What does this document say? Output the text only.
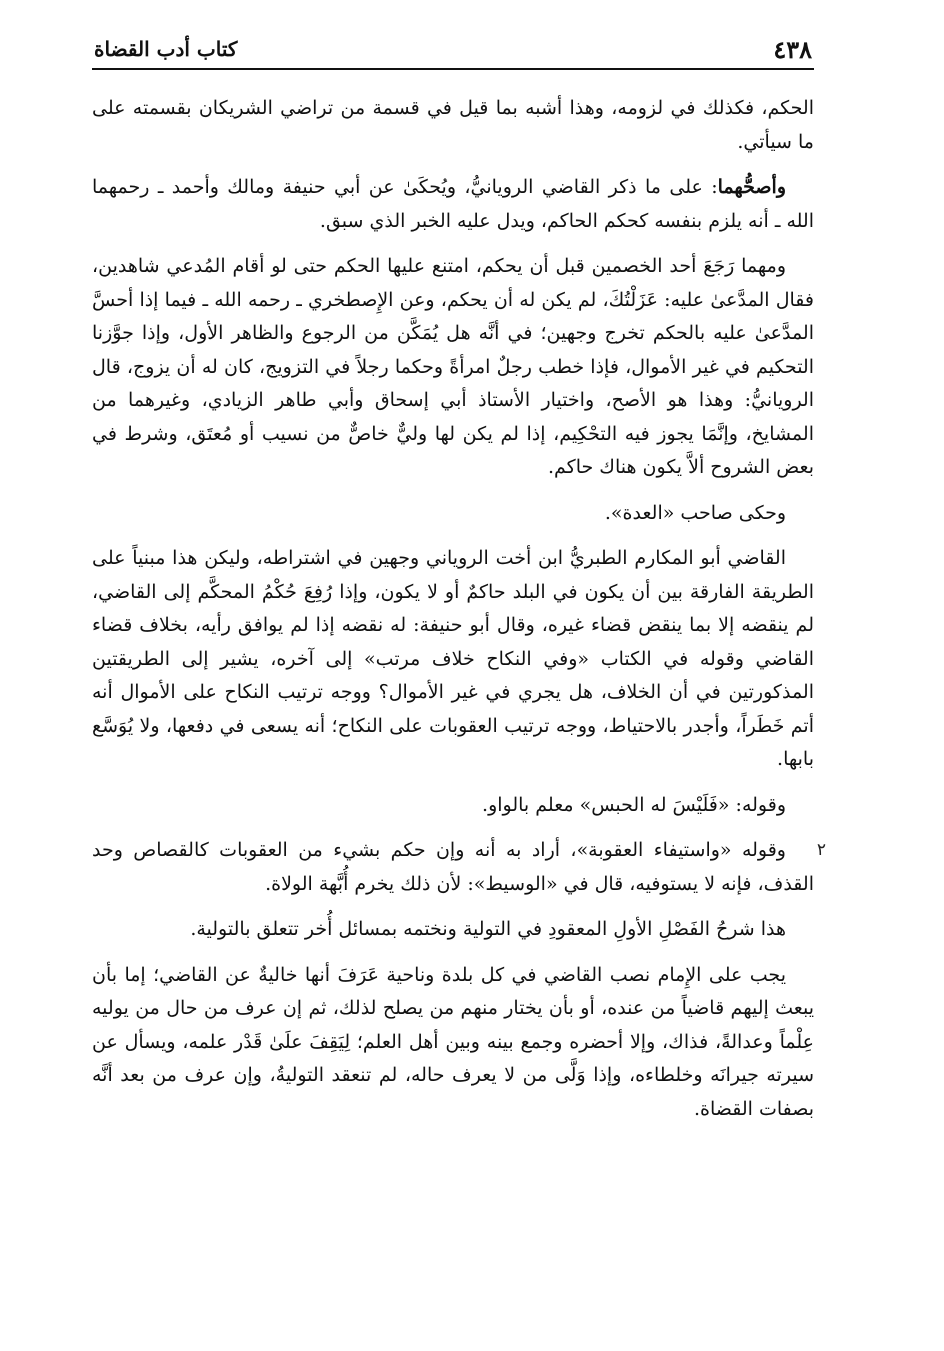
٤٣٨
كتاب أدب القضاة

الحكم، فكذلك في لزومه، وهذا أشبه بما قيل في قسمة من تراضي الشريكان بقسمته على ما سيأتي.

وأصحُّهما: على ما ذكر القاضي الرويانيُّ، ويُحكَىٰ عن أبي حنيفة ومالك وأحمد ـ رحمهما الله ـ أنه يلزم بنفسه كحكم الحاكم، ويدل عليه الخبر الذي سبق.

ومهما رَجَعَ أحد الخصمين قبل أن يحكم، امتنع عليها الحكم حتى لو أقام المُدعي شاهدين، فقال المدَّعىٰ عليه: عَزَلْتُكَ، لم يكن له أن يحكم، وعن الإِصطخري ـ رحمه الله ـ فيما إذا أحسَّ المدَّعىٰ عليه بالحكم تخرج وجهين؛ في أنَّه هل يُمَكَّن من الرجوع والظاهر الأول، وإذا جوَّزنا التحكيم في غير الأموال، فإذا خطب رجلٌ امرأةً وحكما رجلاً في التزويج، كان له أن يزوج، قال الرويانيُّ: وهذا هو الأصح، واختيار الأستاذ أبي إسحاق وأبي طاهر الزيادي، وغيرهما من المشايخ، وإنَّمَا يجوز فيه التحْكِيم، إذا لم يكن لها وليٌّ خاصٌّ من نسيب أو مُعتَق، وشرط في بعض الشروح ألاَّ يكون هناك حاكم.

وحكى صاحب «العدة».

القاضي أبو المكارم الطبريُّ ابن أخت الروياني وجهين في اشتراطه، وليكن هذا مبنياً على الطريقة الفارقة بين أن يكون في البلد حاكمٌ أو لا يكون، وإذا رُفِعَ حُكْمُ المحكَّم إلى القاضي، لم ينقضه إلا بما ينقض قضاء غيره، وقال أبو حنيفة: له نقضه إذا لم يوافق رأيه، بخلاف قضاء القاضي وقوله في الكتاب «وفي النكاح خلاف مرتب» إلى آخره، يشير إلى الطريقتين المذكورتين في أن الخلاف، هل يجري في غير الأموال؟ ووجه ترتيب النكاح على الأموال أنه أتم خَطَراً، وأجدر بالاحتياط، ووجه ترتيب العقوبات على النكاح؛ أنه يسعى في دفعها، ولا يُوَسَّع بابها.

وقوله: «فَلَيْسَ له الحبس» معلم بالواو.

٢
وقوله «واستيفاء العقوبة»، أراد به أنه وإن حكم بشيء من العقوبات كالقصاص وحد القذف، فإنه لا يستوفيه، قال في «الوسيط»: لأن ذلك يخرم أُبَّهة الولاة.

هذا شرحُ الفَصْلِ الأولِ المعقودِ في التولية ونختمه بمسائل أُخر تتعلق بالتولية.

يجب على الإِمام نصب القاضي في كل بلدة وناحية عَرَفَ أنها خاليةٌ عن القاضي؛ إما بأن يبعث إليهم قاضياً من عنده، أو بأن يختار منهم من يصلح لذلك، ثم إن عرف من حال من يوليه عِلْماً وعدالةً، فذاك، وإلا أحضره وجمع بينه وبين أهل العلم؛ لِيَقِفَ علَىٰ قَدْر علمه، ويسأل عن سيرته جيرانَه وخلطاءه، وإذا وَلَّى من لا يعرف حاله، لم تنعقد التوليةُ، وإن عرف من بعد أنَّه بصفات القضاة.
